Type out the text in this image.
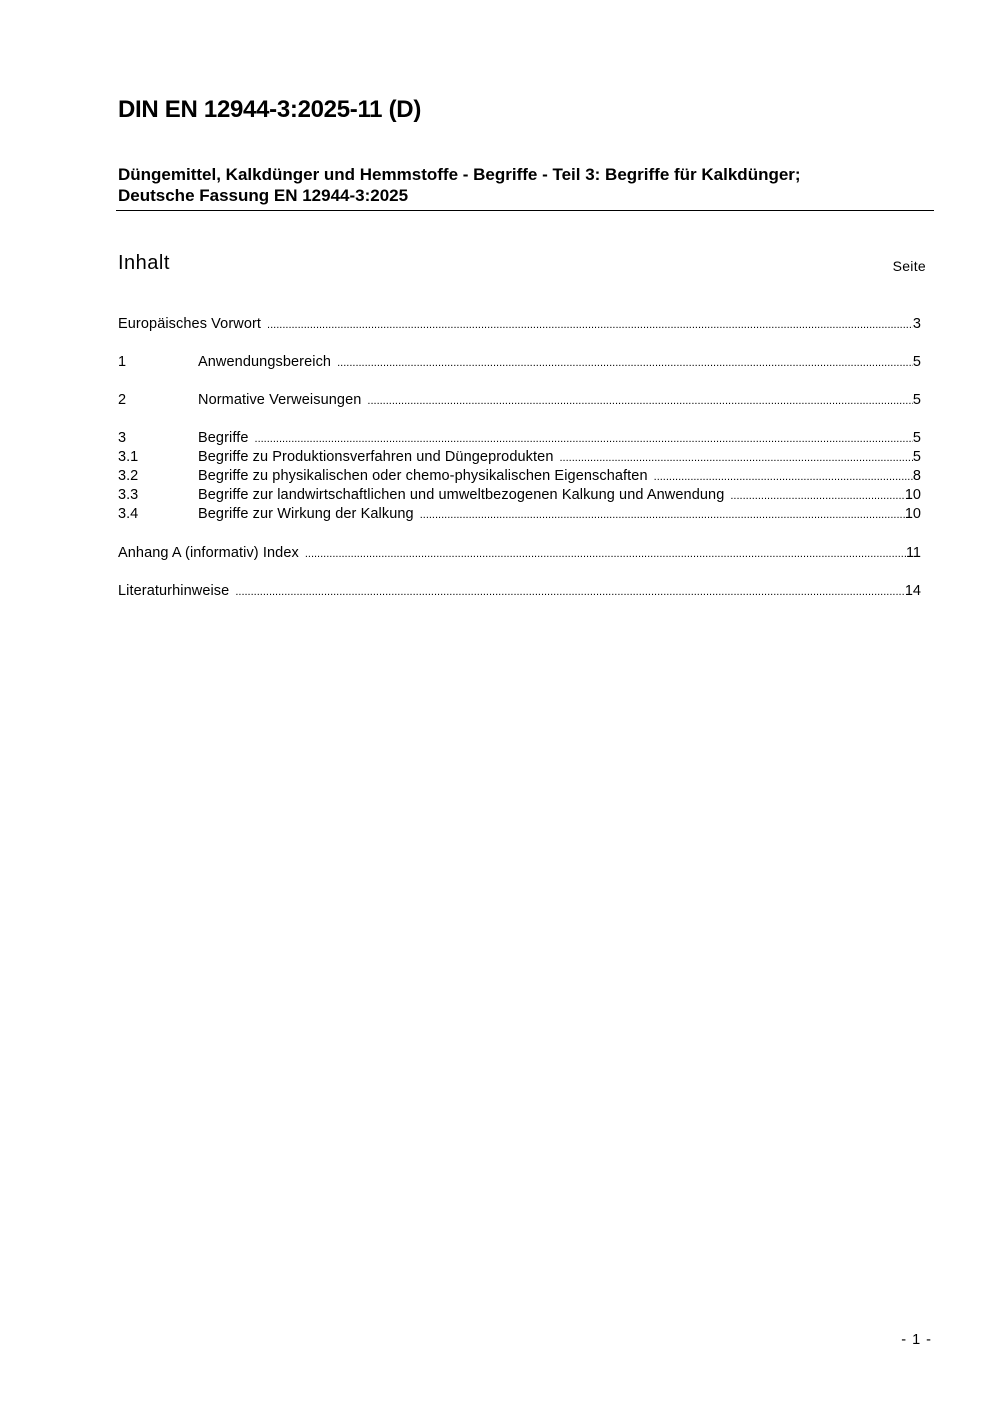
DIN EN 12944-3:2025-11 (D)
Düngemittel, Kalkdünger und Hemmstoffe - Begriffe - Teil 3: Begriffe für Kalkdünger;
Deutsche Fassung EN 12944-3:2025
Inhalt	Seite
Europäisches Vorwort .....	3
1	Anwendungsbereich .....	5
2	Normative Verweisungen .....	5
3	Begriffe .....	5
3.1	Begriffe zu Produktionsverfahren und Düngeprodukten .....	5
3.2	Begriffe zu physikalischen oder chemo-physikalischen Eigenschaften .....	8
3.3	Begriffe zur landwirtschaftlichen und umweltbezogenen Kalkung und Anwendung .....	10
3.4	Begriffe zur Wirkung der Kalkung .....	10
Anhang A (informativ) Index .....	11
Literaturhinweise .....	14
- 1 -
